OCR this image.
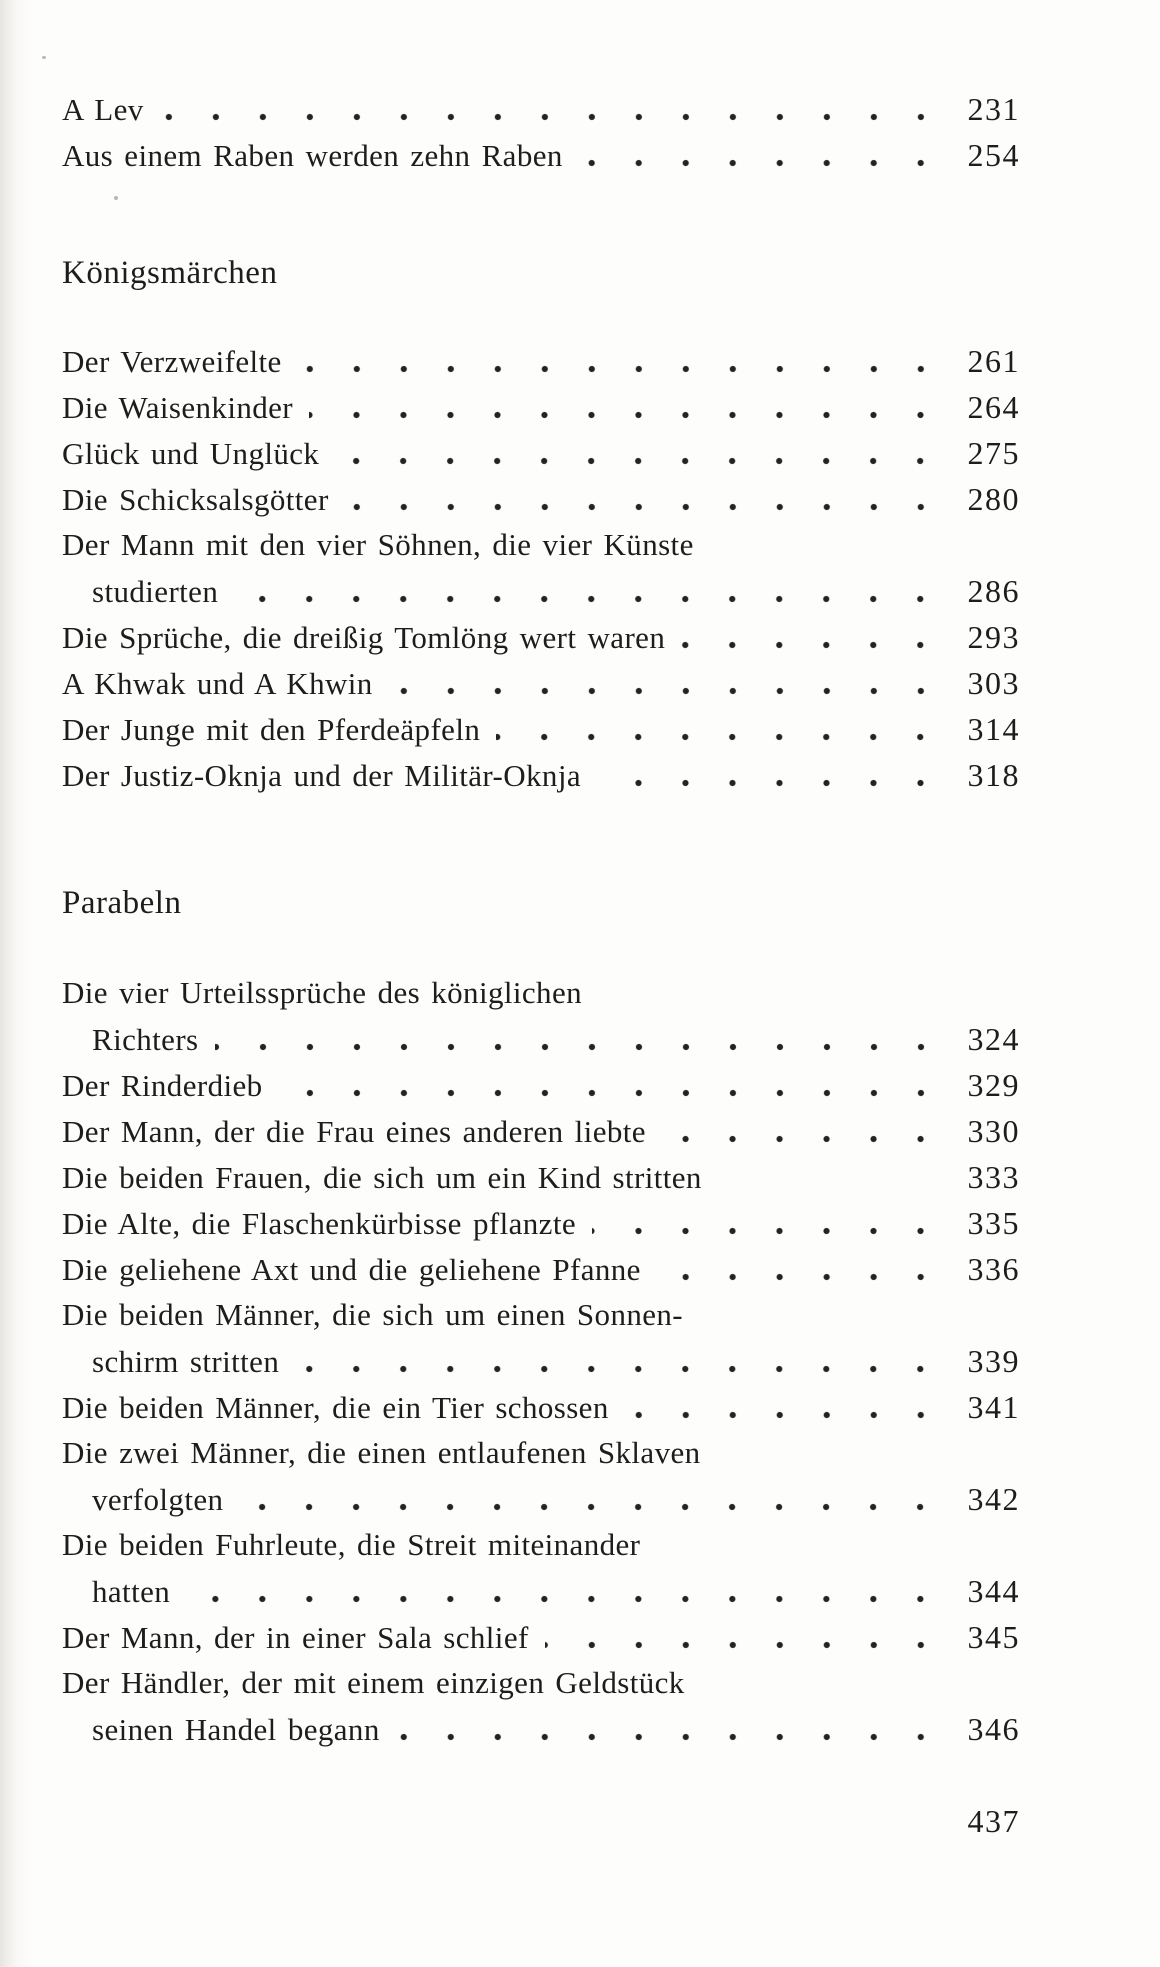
A Lev	231
Aus einem Raben werden zehn Raben	254
Königsmärchen
Der Verzweifelte	261
Die Waisenkinder	264
Glück und Unglück	275
Die Schicksalsgötter	280
Der Mann mit den vier Söhnen, die vier Künste
studierten	286
Die Sprüche, die dreißig Tomlöng wert waren	293
A Khwak und A Khwin	303
Der Junge mit den Pferdeäpfeln	314
Der Justiz-Oknja und der Militär-Oknja	318
Parabeln
Die vier Urteilssprüche des königlichen
Richters	324
Der Rinderdieb	329
Der Mann, der die Frau eines anderen liebte	330
Die beiden Frauen, die sich um ein Kind stritten	333
Die Alte, die Flaschenkürbisse pflanzte	335
Die geliehene Axt und die geliehene Pfanne	336
Die beiden Männer, die sich um einen Sonnen-
schirm stritten	339
Die beiden Männer, die ein Tier schossen	341
Die zwei Männer, die einen entlaufenen Sklaven
verfolgten	342
Die beiden Fuhrleute, die Streit miteinander
hatten	344
Der Mann, der in einer Sala schlief	345
Der Händler, der mit einem einzigen Geldstück
seinen Handel begann	346
437
